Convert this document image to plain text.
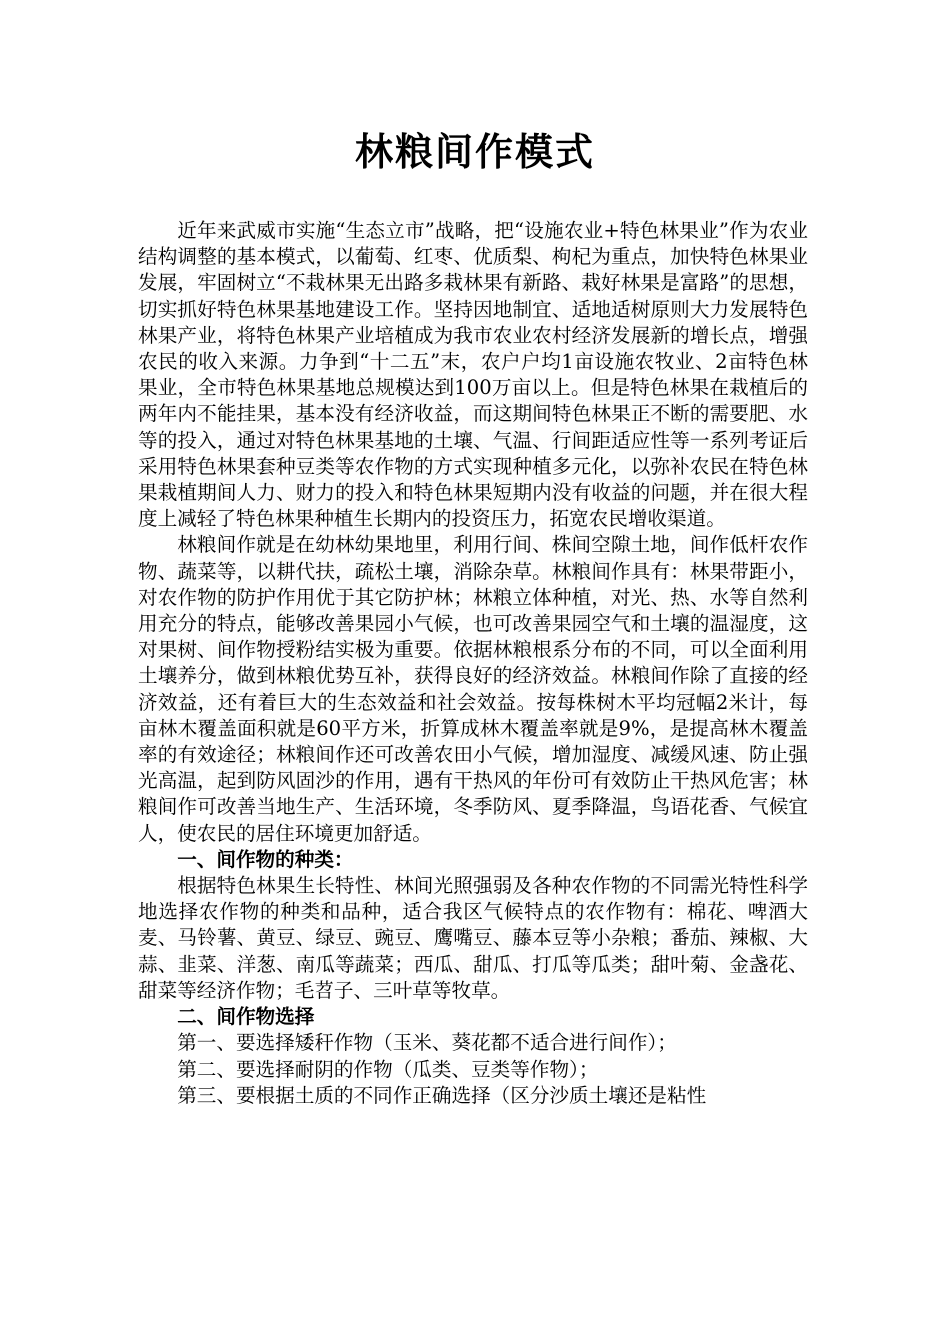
林粮间作模式

近年来武威市实施“生态立市”战略，把“设施农业+特色林果业”作为农业结构调整的基本模式，以葡萄、红枣、优质梨、枸杞为重点，加快特色林果业发展，牢固树立“不栽林果无出路多栽林果有新路、栽好林果是富路”的思想，切实抓好特色林果基地建设工作。坚持因地制宜、适地适树原则大力发展特色林果产业，将特色林果产业培植成为我市农业农村经济发展新的增长点，增强农民的收入来源。力争到“十二五”末，农户户均1亩设施农牧业、2亩特色林果业，全市特色林果基地总规模达到100万亩以上。但是特色林果在栽植后的两年内不能挂果，基本没有经济收益，而这期间特色林果正不断的需要肥、水等的投入，通过对特色林果基地的土壤、气温、行间距适应性等一系列考证后采用特色林果套种豆类等农作物的方式实现种植多元化，以弥补农民在特色林果栽植期间人力、财力的投入和特色林果短期内没有收益的问题，并在很大程度上减轻了特色林果种植生长期内的投资压力，拓宽农民增收渠道。

林粮间作就是在幼林幼果地里，利用行间、株间空隙土地，间作低杆农作物、蔬菜等，以耕代扶，疏松土壤，消除杂草。林粮间作具有：林果带距小，对农作物的防护作用优于其它防护林；林粮立体种植，对光、热、水等自然利用充分的特点，能够改善果园小气候，也可改善果园空气和土壤的温湿度，这对果树、间作物授粉结实极为重要。依据林粮根系分布的不同，可以全面利用土壤养分，做到林粮优势互补，获得良好的经济效益。林粮间作除了直接的经济效益，还有着巨大的生态效益和社会效益。按每株树木平均冠幅2米计，每亩林木覆盖面积就是60平方米，折算成林木覆盖率就是9%，是提高林木覆盖率的有效途径；林粮间作还可改善农田小气候，增加湿度、减缓风速、防止强光高温，起到防风固沙的作用，遇有干热风的年份可有效防止干热风危害；林粮间作可改善当地生产、生活环境，冬季防风、夏季降温，鸟语花香、气候宜人，使农民的居住环境更加舒适。

一、间作物的种类：

根据特色林果生长特性、林间光照强弱及各种农作物的不同需光特性科学地选择农作物的种类和品种，适合我区气候特点的农作物有：棉花、啤酒大麦、马铃薯、黄豆、绿豆、豌豆、鹰嘴豆、藤本豆等小杂粮；番茄、辣椒、大蒜、韭菜、洋葱、南瓜等蔬菜；西瓜、甜瓜、打瓜等瓜类；甜叶菊、金盏花、甜菜等经济作物；毛苕子、三叶草等牧草。

二、间作物选择

第一、要选择矮秆作物（玉米、葵花都不适合进行间作）；

第二、要选择耐阴的作物（瓜类、豆类等作物）；

第三、要根据土质的不同作正确选择（区分沙质土壤还是粘性
